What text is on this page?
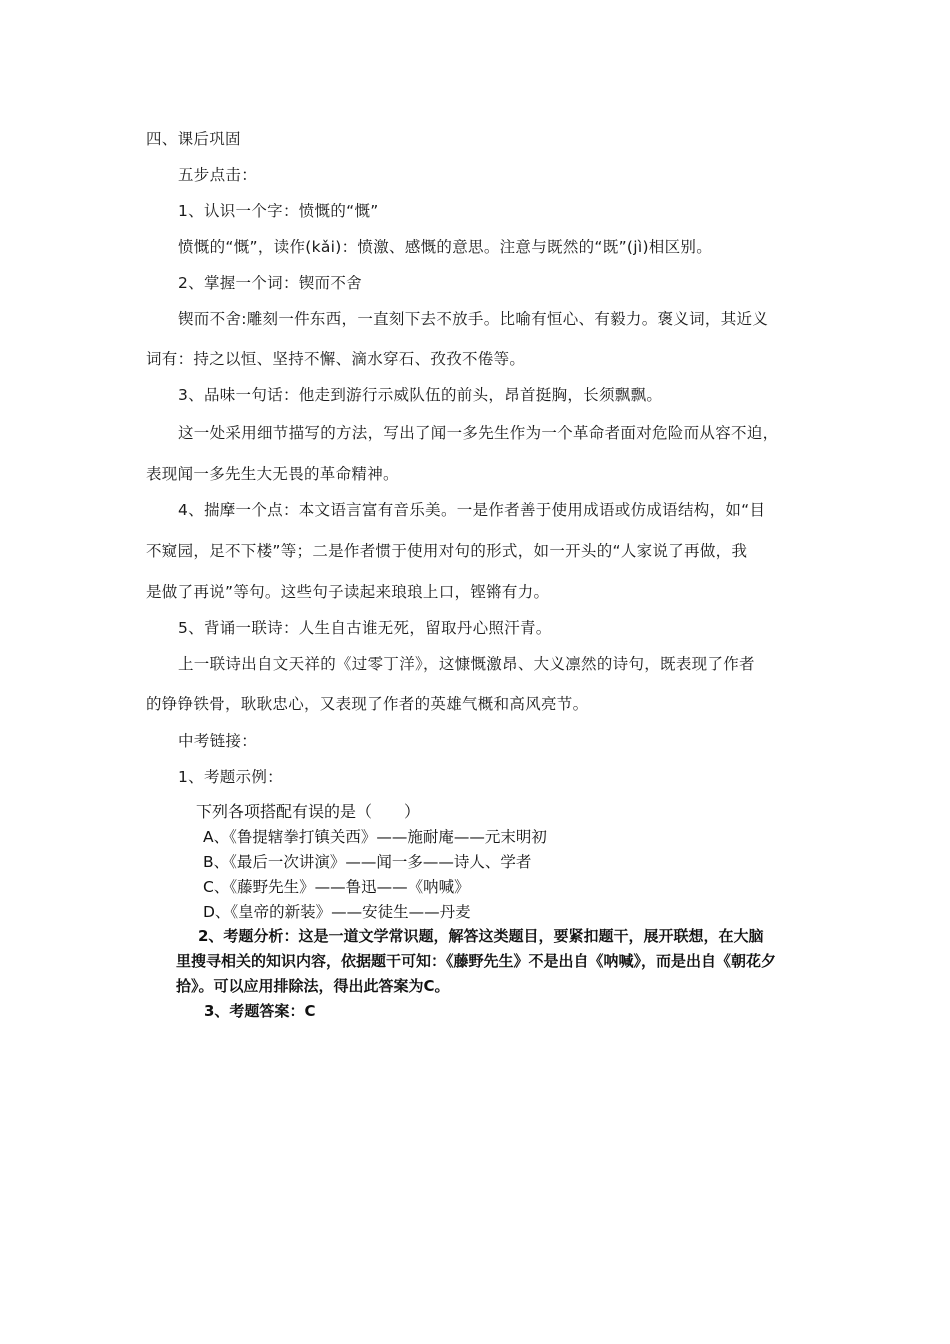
四、课后巩固
五步点击：
1、认识一个字：愤慨的“慨”
愤慨的“慨”，读作(kǎi)：愤激、感慨的意思。注意与既然的“既”(jì)相区别。
2、掌握一个词：锲而不舍
锲而不舍:雕刻一件东西，一直刻下去不放手。比喻有恒心、有毅力。褒义词，其近义
词有：持之以恒、坚持不懈、滴水穿石、孜孜不倦等。
3、品味一句话：他走到游行示威队伍的前头，昂首挺胸，长须飘飘。
这一处采用细节描写的方法，写出了闻一多先生作为一个革命者面对危险而从容不迫，
表现闻一多先生大无畏的革命精神。
4、揣摩一个点：本文语言富有音乐美。一是作者善于使用成语或仿成语结构，如“目
不窥园，足不下楼”等；二是作者惯于使用对句的形式，如一开头的“人家说了再做，我
是做了再说”等句。这些句子读起来琅琅上口，铿锵有力。
5、背诵一联诗：人生自古谁无死，留取丹心照汗青。
上一联诗出自文天祥的《过零丁洋》，这慷慨激昂、大义凛然的诗句，既表现了作者
的铮铮铁骨，耿耿忠心，又表现了作者的英雄气概和高风亮节。
中考链接：
1、考题示例：
下列各项搭配有误的是（　　）
A、《鲁提辖拳打镇关西》——施耐庵——元末明初
B、《最后一次讲演》——闻一多——诗人、学者
C、《藤野先生》——鲁迅——《呐喊》
D、《皇帝的新装》——安徒生——丹麦
2、考题分析：这是一道文学常识题，解答这类题目，要紧扣题干，展开联想，在大脑
里搜寻相关的知识内容，依据题干可知：《藤野先生》不是出自《呐喊》，而是出自《朝花夕
拾》。可以应用排除法，得出此答案为C。
3、考题答案：C
